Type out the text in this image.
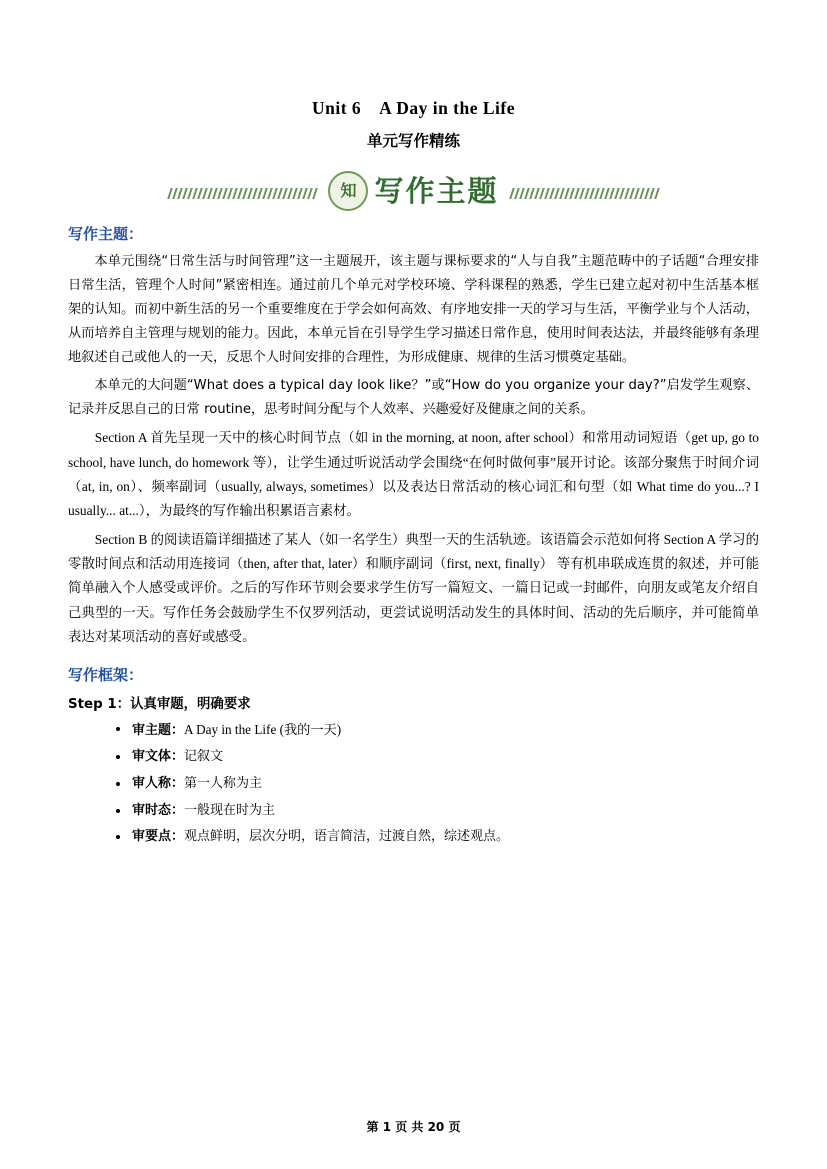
Unit 6 A Day in the Life
单元写作精练
知 写作主题
写作主题：

本单元围绕“日常生活与时间管理”这一主题展开，该主题与课标要求的“人与自我”主题范畴中的子话题“合理安排日常生活，管理个人时间”紧密相连。通过前几个单元对学校环境、学科课程的熟悉，学生已建立起对初中生活基本框架的认知。而初中新生活的另一个重要维度在于学会如何高效、有序地安排一天的学习与生活，平衡学业与个人活动，从而培养自主管理与规划的能力。因此，本单元旨在引导学生学习描述日常作息，使用时间表达法，并最终能够有条理地叙述自己或他人的一天，反思个人时间安排的合理性，为形成健康、规律的生活习惯奠定基础。

本单元的大问题“What does a typical day look like？”或“How do you organize your day?”启发学生观察、记录并反思自己的日常 routine，思考时间分配与个人效率、兴趣爱好及健康之间的关系。

Section A 首先呈现一天中的核心时间节点（如 in the morning, at noon, after school）和常用动词短语（get up, go to school, have lunch, do homework 等），让学生通过听说活动学会围绕“在何时做何事”展开讨论。该部分聚焦于时间介词（at, in, on）、频率副词（usually, always, sometimes）以及表达日常活动的核心词汇和句型（如 What time do you...? I usually... at...），为最终的写作输出积累语言素材。

Section B 的阅读语篇详细描述了某人（如一名学生）典型一天的生活轨迹。该语篇会示范如何将 Section A 学习的零散时间点和活动用连接词（then, after that, later）和顺序副词（first, next, finally） 等有机串联成连贯的叙述，并可能简单融入个人感受或评价。之后的写作环节则会要求学生仿写一篇短文、一篇日记或一封邮件，向朋友或笔友介绍自己典型的一天。写作任务会鼓励学生不仅罗列活动，更尝试说明活动发生的具体时间、活动的先后顺序，并可能简单表达对某项活动的喜好或感受。

写作框架：
Step 1：认真审题，明确要求
审主题：A Day in the Life (我的一天)
审文体：记叙文
审人称：第一人称为主
审时态：一般现在时为主
审要点：观点鲜明，层次分明，语言简洁，过渡自然，综述观点。
第 1 页 共 20 页
